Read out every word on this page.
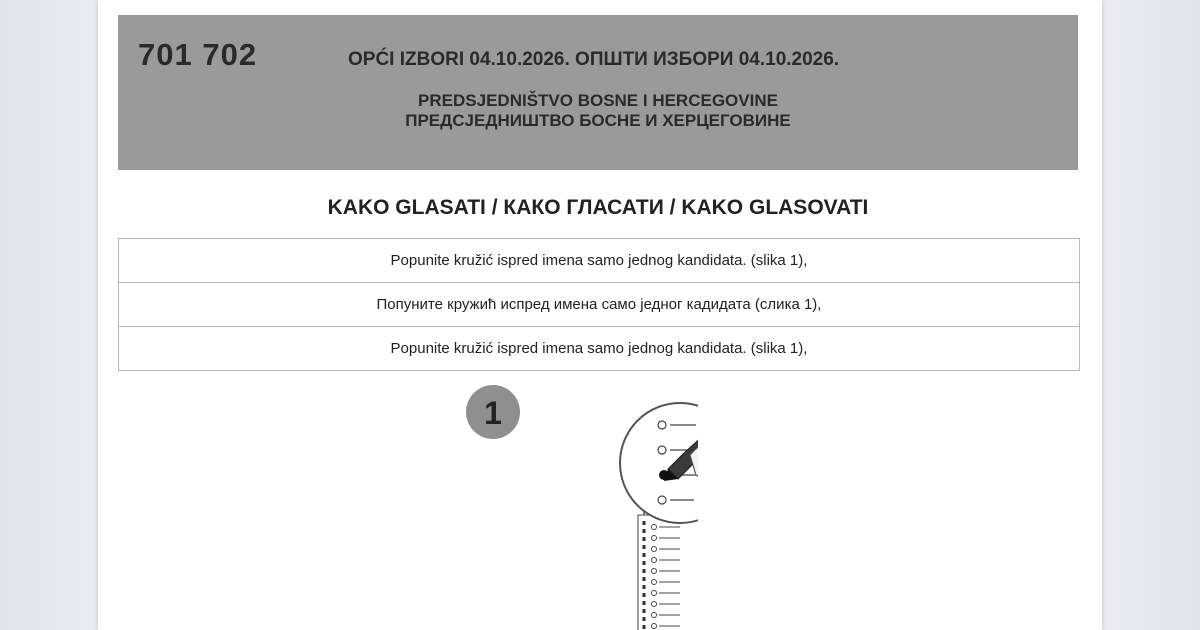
701 702	OPĆI IZBORI 04.10.2026. ОПШТИ ИЗБОРИ 04.10.2026.
PREDSJEDNIŠTVO BOSNE I HERCEGOVINE
ПРЕДСЈЕДНИШТВО БОСНЕ И ХЕРЦЕГОВИНЕ
KAKO GLASATI / КАКО ГЛАСАТИ / KAKO GLASOVATI
Popunite kružić ispred imena samo jednog kandidata. (slika 1),
Попуните кружић испред имена само једног кадидата (слика 1),
Popunite kružić ispred imena samo jednog kandidata. (slika 1),
1
